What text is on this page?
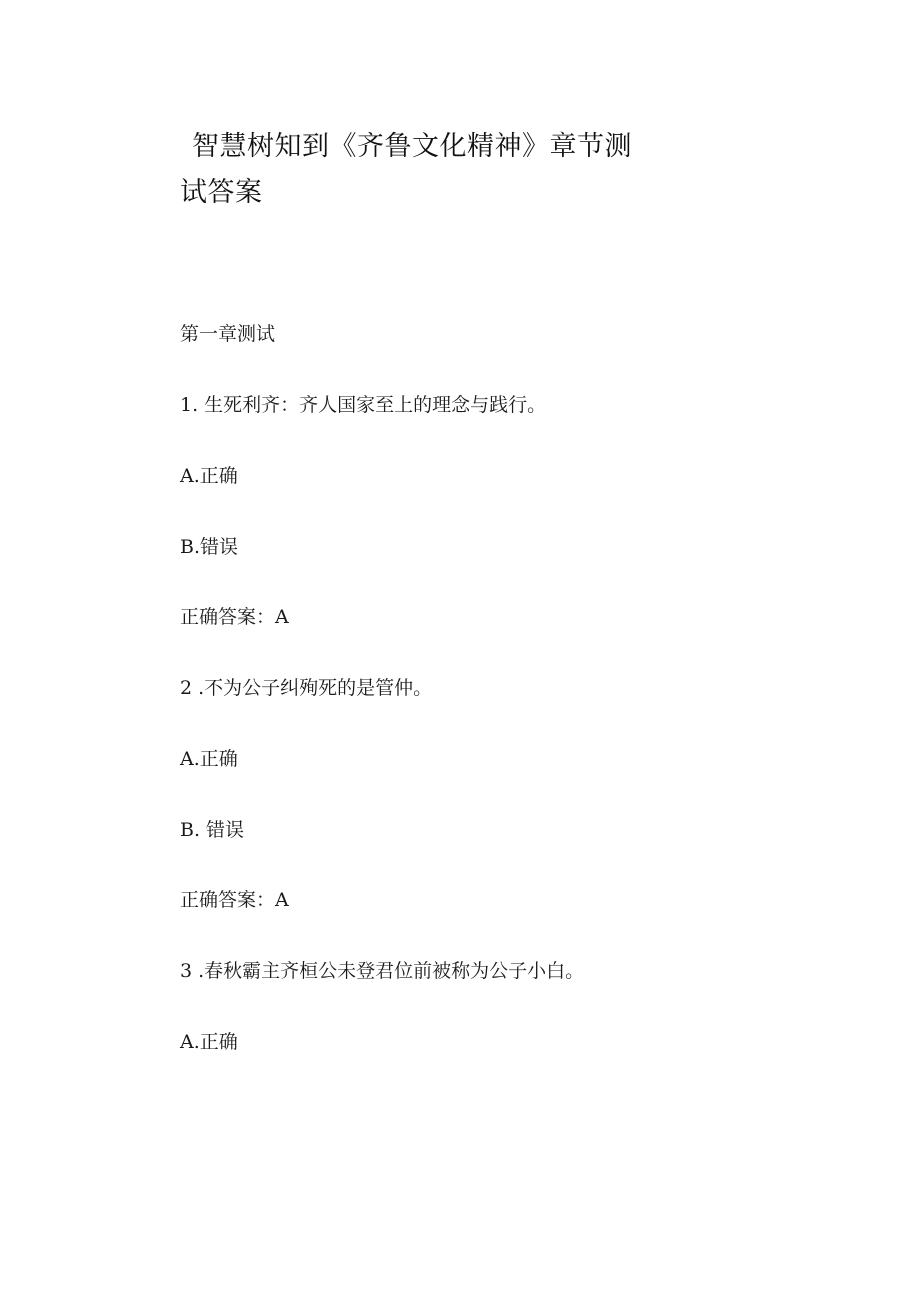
智慧树知到《齐鲁文化精神》章节测
试答案
第一章测试
1. 生死利齐：齐人国家至上的理念与践行。
A.正确
B.错误
正确答案：A
2 .不为公子纠殉死的是管仲。
A.正确
B. 错误
正确答案：A
3 .春秋霸主齐桓公未登君位前被称为公子小白。
A.正确
